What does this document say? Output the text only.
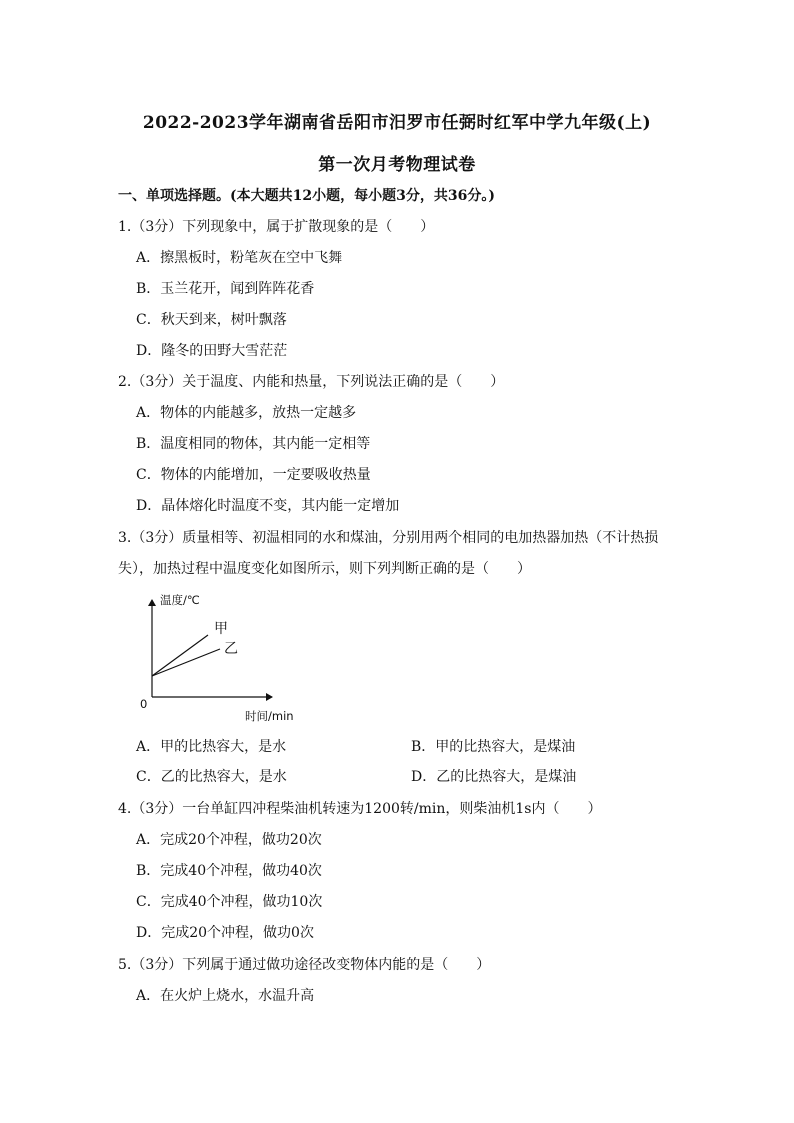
2022-2023学年湖南省岳阳市汨罗市任弼时红军中学九年级(上)
第一次月考物理试卷
一、单项选择题。(本大题共12小题，每小题3分，共36分。)
1.（3分）下列现象中，属于扩散现象的是（　　）
A．擦黑板时，粉笔灰在空中飞舞
B．玉兰花开，闻到阵阵花香
C．秋天到来，树叶飘落
D．隆冬的田野大雪茫茫
2.（3分）关于温度、内能和热量，下列说法正确的是（　　）
A．物体的内能越多，放热一定越多
B．温度相同的物体，其内能一定相等
C．物体的内能增加，一定要吸收热量
D．晶体熔化时温度不变，其内能一定增加
3.（3分）质量相等、初温相同的水和煤油，分别用两个相同的电加热器加热（不计热损
失），加热过程中温度变化如图所示，则下列判断正确的是（　　）
温度/℃
甲
乙
0
时间/min
A．甲的比热容大，是水	B．甲的比热容大，是煤油
C．乙的比热容大，是水	D．乙的比热容大，是煤油
4.（3分）一台单缸四冲程柴油机转速为1200转/min，则柴油机1s内（　　）
A．完成20个冲程，做功20次
B．完成40个冲程，做功40次
C．完成40个冲程，做功10次
D．完成20个冲程，做功0次
5.（3分）下列属于通过做功途径改变物体内能的是（　　）
A．在火炉上烧水，水温升高
